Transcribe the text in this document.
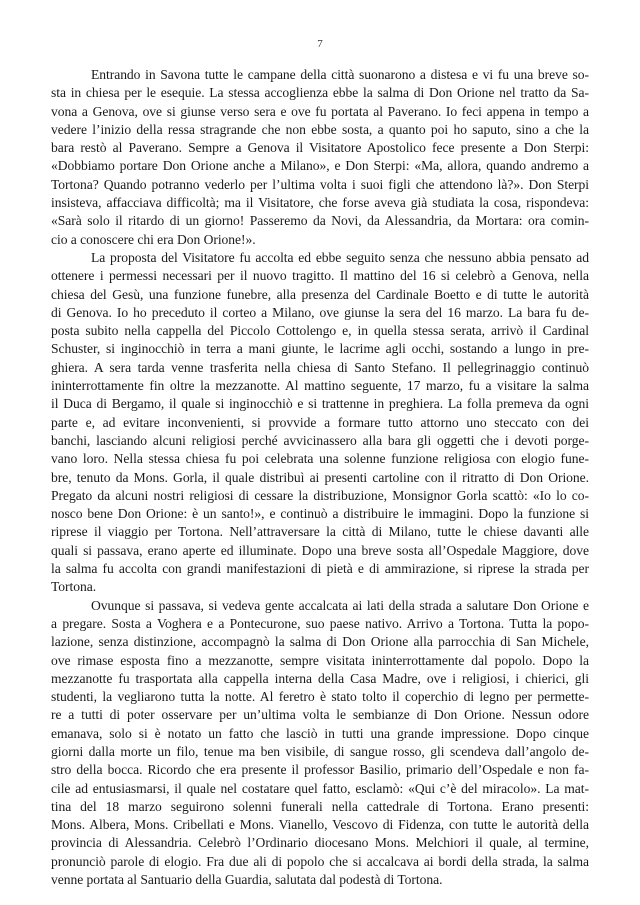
7
Entrando in Savona tutte le campane della città suonarono a distesa e vi fu una breve so-
sta in chiesa per le esequie. La stessa accoglienza ebbe la salma di Don Orione nel tratto da Sa-
vona a Genova, ove si giunse verso sera e ove fu portata al Paverano. Io feci appena in tempo a
vedere l’inizio della ressa stragrande che non ebbe sosta, a quanto poi ho saputo, sino a che la
bara restò al Paverano. Sempre a Genova il Visitatore Apostolico fece presente a Don Sterpi:
«Dobbiamo portare Don Orione anche a Milano», e Don Sterpi: «Ma, allora, quando andremo a
Tortona? Quando potranno vederlo per l’ultima volta i suoi figli che attendono là?». Don Sterpi
insisteva, affacciava difficoltà; ma il Visitatore, che forse aveva già studiata la cosa, rispondeva:
«Sarà solo il ritardo di un giorno! Passeremo da Novi, da Alessandria, da Mortara: ora comin-
cio a conoscere chi era Don Orione!».
La proposta del Visitatore fu accolta ed ebbe seguito senza che nessuno abbia pensato ad
ottenere i permessi necessari per il nuovo tragitto. Il mattino del 16 si celebrò a Genova, nella
chiesa del Gesù, una funzione funebre, alla presenza del Cardinale Boetto e di tutte le autorità
di Genova. Io ho preceduto il corteo a Milano, ove giunse la sera del 16 marzo. La bara fu de-
posta subito nella cappella del Piccolo Cottolengo e, in quella stessa serata, arrivò il Cardinal
Schuster, si inginocchiò in terra a mani giunte, le lacrime agli occhi, sostando a lungo in pre-
ghiera. A sera tarda venne trasferita nella chiesa di Santo Stefano. Il pellegrinaggio continuò
ininterrottamente fin oltre la mezzanotte. Al mattino seguente, 17 marzo, fu a visitare la salma
il Duca di Bergamo, il quale si inginocchiò e si trattenne in preghiera. La folla premeva da ogni
parte e, ad evitare inconvenienti, si provvide a formare tutto attorno uno steccato con dei
banchi, lasciando alcuni religiosi perché avvicinassero alla bara gli oggetti che i devoti porge-
vano loro. Nella stessa chiesa fu poi celebrata una solenne funzione religiosa con elogio fune-
bre, tenuto da Mons. Gorla, il quale distribuì ai presenti cartoline con il ritratto di Don Orione.
Pregato da alcuni nostri religiosi di cessare la distribuzione, Monsignor Gorla scattò: «Io lo co-
nosco bene Don Orione: è un santo!», e continuò a distribuire le immagini. Dopo la funzione si
riprese il viaggio per Tortona. Nell’attraversare la città di Milano, tutte le chiese davanti alle
quali si passava, erano aperte ed illuminate. Dopo una breve sosta all’Ospedale Maggiore, dove
la salma fu accolta con grandi manifestazioni di pietà e di ammirazione, si riprese la strada per
Tortona.
Ovunque si passava, si vedeva gente accalcata ai lati della strada a salutare Don Orione e
a pregare. Sosta a Voghera e a Pontecurone, suo paese nativo. Arrivo a Tortona. Tutta la popo-
lazione, senza distinzione, accompagnò la salma di Don Orione alla parrocchia di San Michele,
ove rimase esposta fino a mezzanotte, sempre visitata ininterrottamente dal popolo. Dopo la
mezzanotte fu trasportata alla cappella interna della Casa Madre, ove i religiosi, i chierici, gli
studenti, la vegliarono tutta la notte. Al feretro è stato tolto il coperchio di legno per permette-
re a tutti di poter osservare per un’ultima volta le sembianze di Don Orione. Nessun odore
emanava, solo si è notato un fatto che lasciò in tutti una grande impressione. Dopo cinque
giorni dalla morte un filo, tenue ma ben visibile, di sangue rosso, gli scendeva dall’angolo de-
stro della bocca. Ricordo che era presente il professor Basilio, primario dell’Ospedale e non fa-
cile ad entusiasmarsi, il quale nel costatare quel fatto, esclamò: «Qui c’è del miracolo». La mat-
tina del 18 marzo seguirono solenni funerali nella cattedrale di Tortona. Erano presenti:
Mons. Albera, Mons. Cribellati e Mons. Vianello, Vescovo di Fidenza, con tutte le autorità della
provincia di Alessandria. Celebrò l’Ordinario diocesano Mons. Melchiori il quale, al termine,
pronunciò parole di elogio. Fra due ali di popolo che si accalcava ai bordi della strada, la salma
venne portata al Santuario della Guardia, salutata dal podestà di Tortona.
